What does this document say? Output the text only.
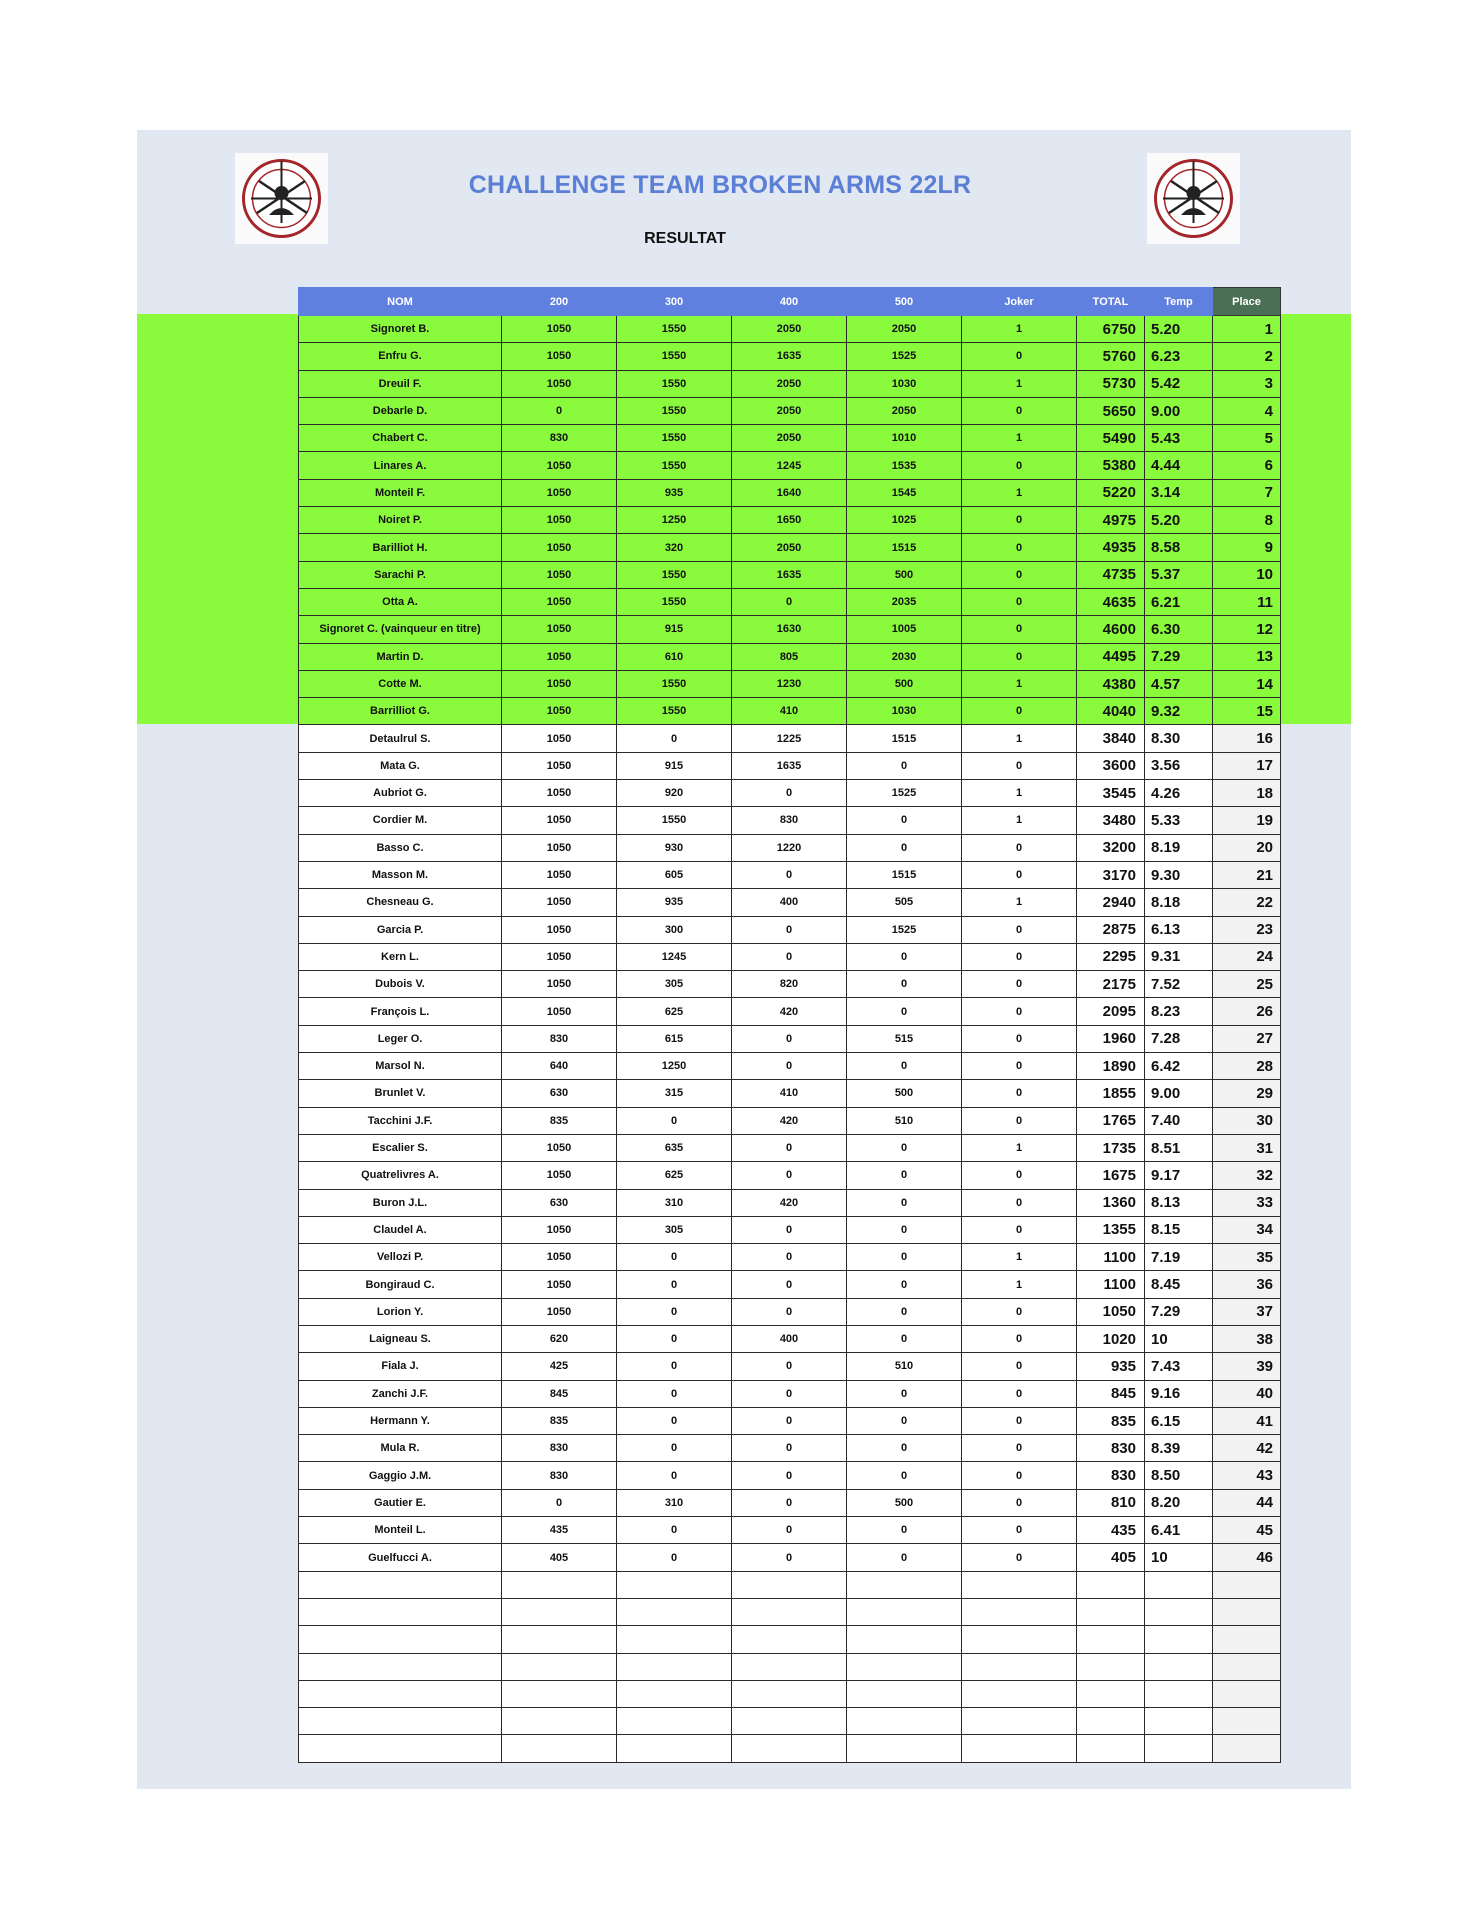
CHALLENGE TEAM BROKEN ARMS 22LR
RESULTAT
NOM	200	300	400	500	Joker	TOTAL	Temp	Place
Signoret B.	1050	1550	2050	2050	1	6750	5.20	1
Enfru G.	1050	1550	1635	1525	0	5760	6.23	2
Dreuil F.	1050	1550	2050	1030	1	5730	5.42	3
Debarle D.	0	1550	2050	2050	0	5650	9.00	4
Chabert C.	830	1550	2050	1010	1	5490	5.43	5
Linares A.	1050	1550	1245	1535	0	5380	4.44	6
Monteil F.	1050	935	1640	1545	1	5220	3.14	7
Noiret P.	1050	1250	1650	1025	0	4975	5.20	8
Barilliot H.	1050	320	2050	1515	0	4935	8.58	9
Sarachi P.	1050	1550	1635	500	0	4735	5.37	10
Otta A.	1050	1550	0	2035	0	4635	6.21	11
Signoret C. (vainqueur en titre)	1050	915	1630	1005	0	4600	6.30	12
Martin D.	1050	610	805	2030	0	4495	7.29	13
Cotte M.	1050	1550	1230	500	1	4380	4.57	14
Barrilliot G.	1050	1550	410	1030	0	4040	9.32	15
Detaulrul S.	1050	0	1225	1515	1	3840	8.30	16
Mata G.	1050	915	1635	0	0	3600	3.56	17
Aubriot G.	1050	920	0	1525	1	3545	4.26	18
Cordier M.	1050	1550	830	0	1	3480	5.33	19
Basso C.	1050	930	1220	0	0	3200	8.19	20
Masson M.	1050	605	0	1515	0	3170	9.30	21
Chesneau G.	1050	935	400	505	1	2940	8.18	22
Garcia P.	1050	300	0	1525	0	2875	6.13	23
Kern L.	1050	1245	0	0	0	2295	9.31	24
Dubois V.	1050	305	820	0	0	2175	7.52	25
François L.	1050	625	420	0	0	2095	8.23	26
Leger O.	830	615	0	515	0	1960	7.28	27
Marsol N.	640	1250	0	0	0	1890	6.42	28
Brunlet V.	630	315	410	500	0	1855	9.00	29
Tacchini J.F.	835	0	420	510	0	1765	7.40	30
Escalier S.	1050	635	0	0	1	1735	8.51	31
Quatrelivres A.	1050	625	0	0	0	1675	9.17	32
Buron J.L.	630	310	420	0	0	1360	8.13	33
Claudel A.	1050	305	0	0	0	1355	8.15	34
Vellozi P.	1050	0	0	0	1	1100	7.19	35
Bongiraud C.	1050	0	0	0	1	1100	8.45	36
Lorion Y.	1050	0	0	0	0	1050	7.29	37
Laigneau S.	620	0	400	0	0	1020	10	38
Fiala J.	425	0	0	510	0	935	7.43	39
Zanchi J.F.	845	0	0	0	0	845	9.16	40
Hermann Y.	835	0	0	0	0	835	6.15	41
Mula R.	830	0	0	0	0	830	8.39	42
Gaggio J.M.	830	0	0	0	0	830	8.50	43
Gautier E.	0	310	0	500	0	810	8.20	44
Monteil L.	435	0	0	0	0	435	6.41	45
Guelfucci A.	405	0	0	0	0	405	10	46
